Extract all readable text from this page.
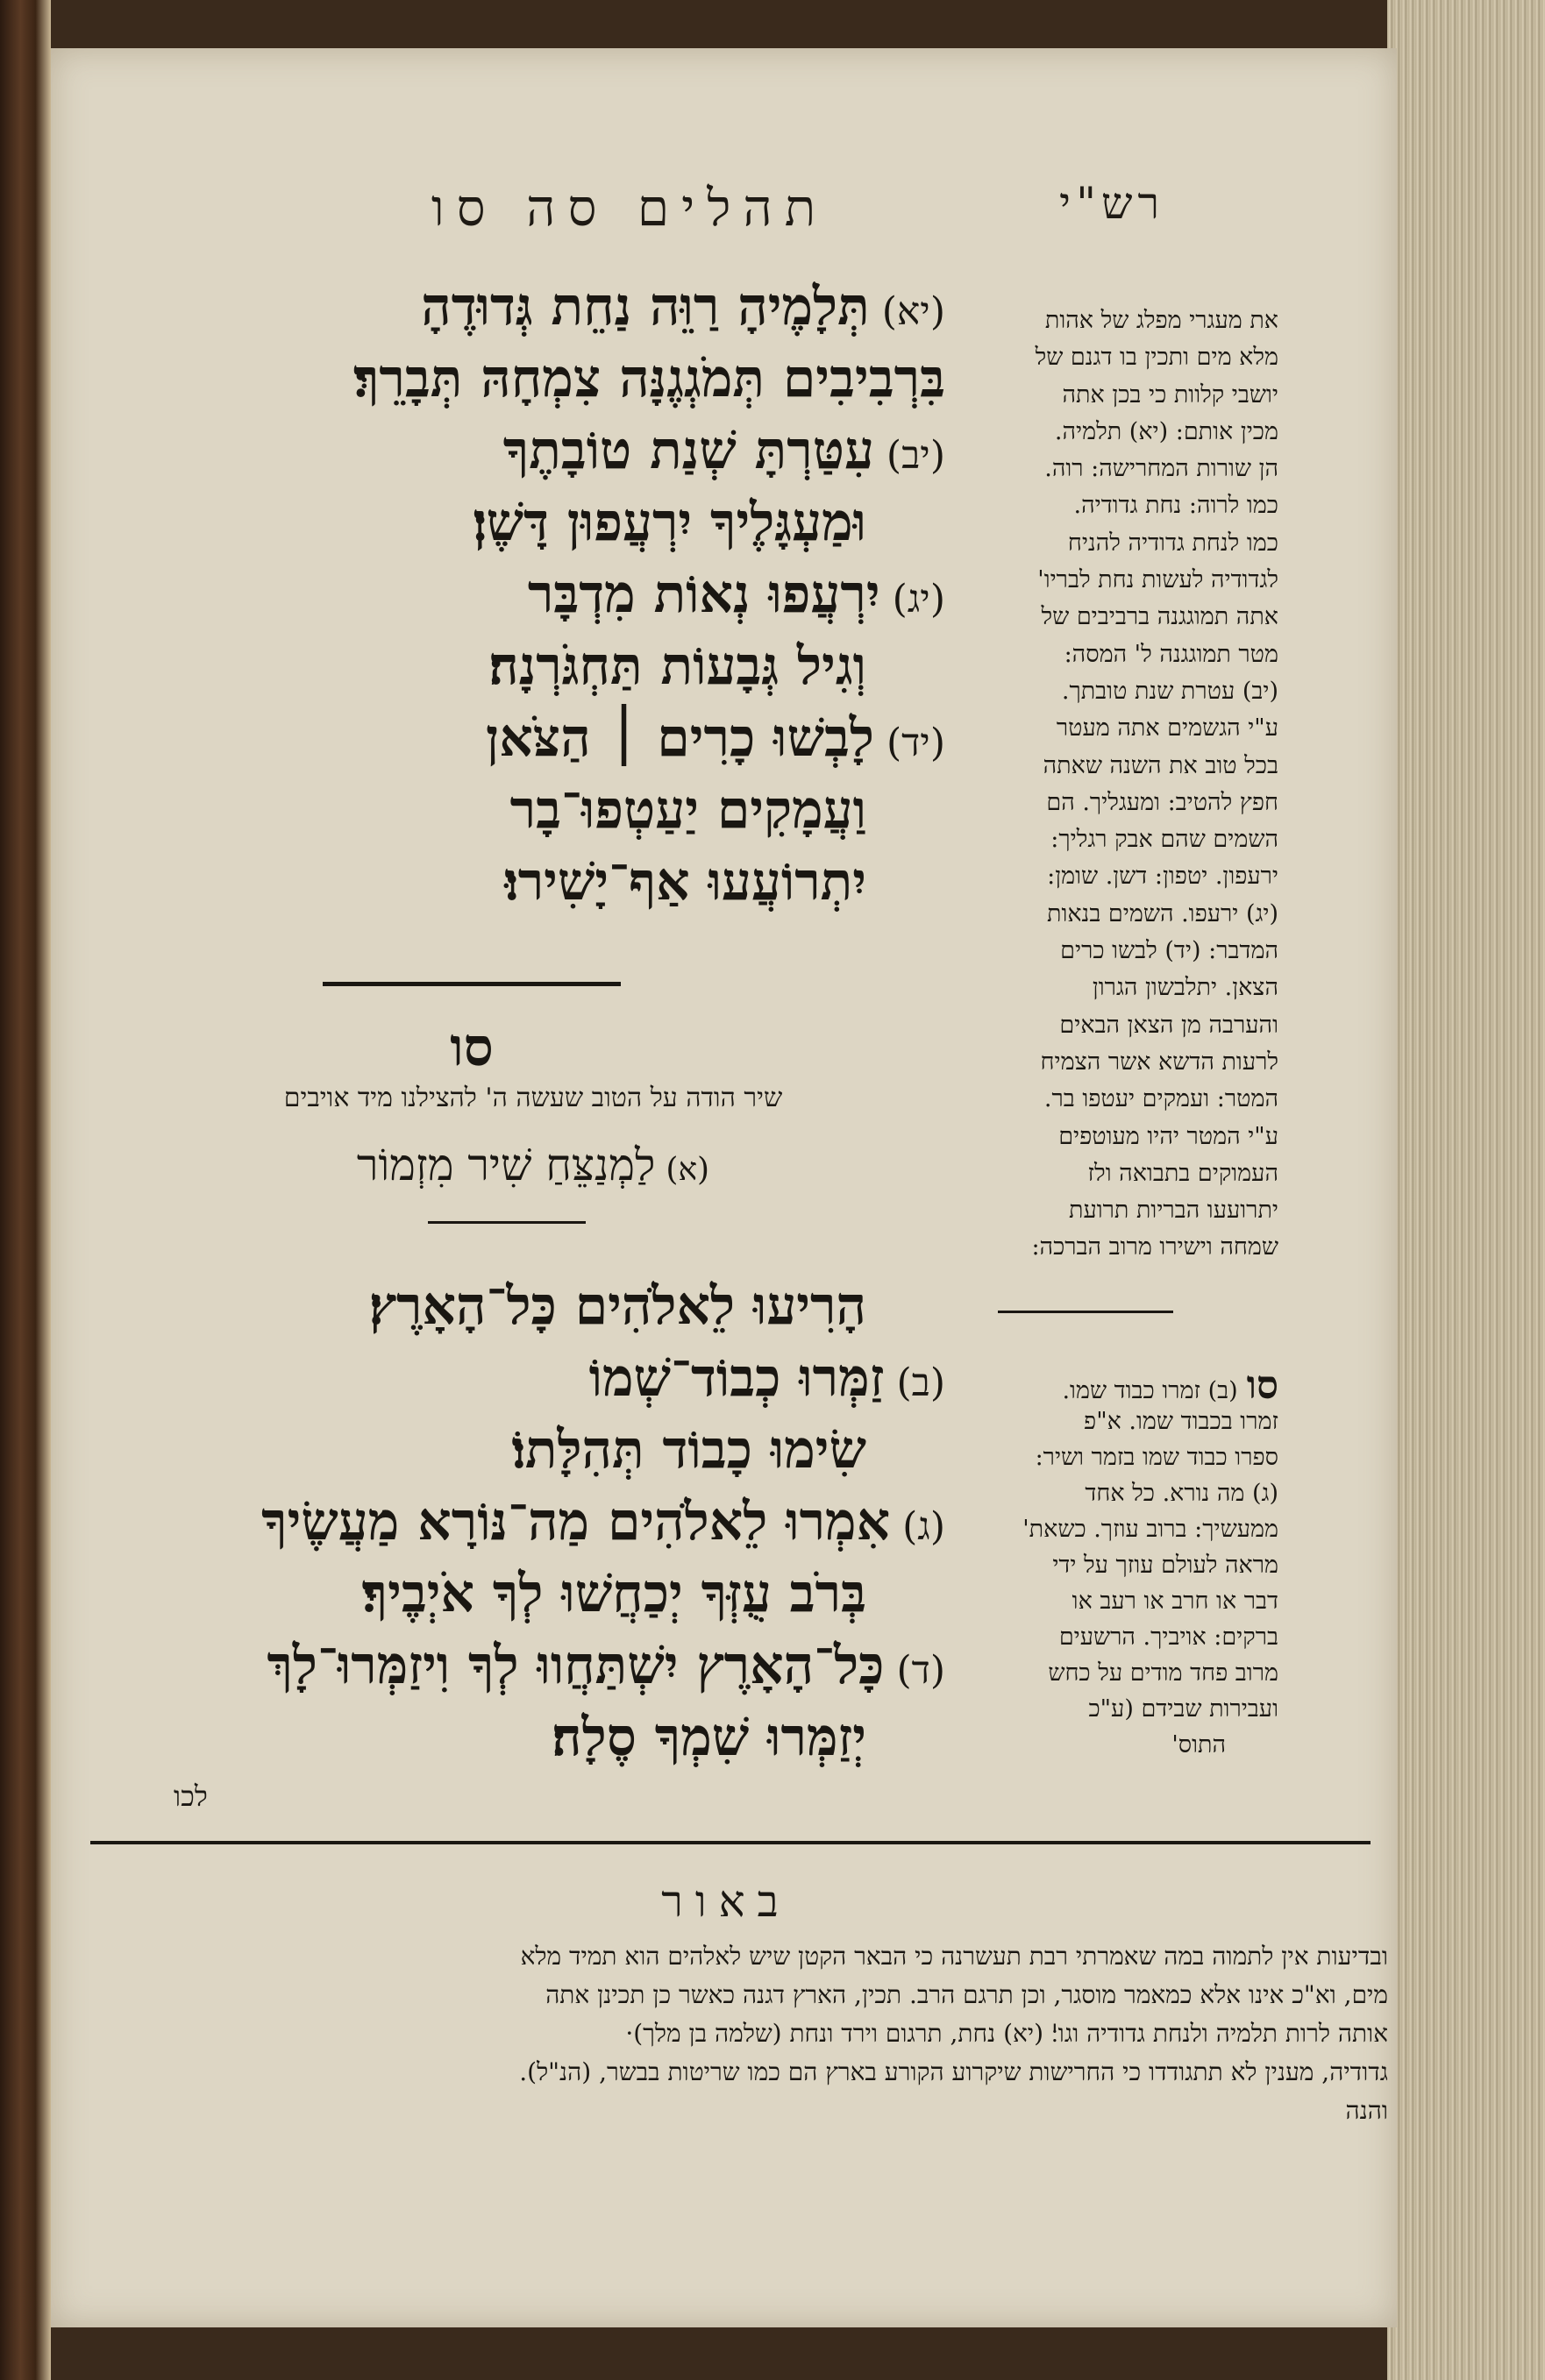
תהלים סה סו	רש"י
(יא)תְּלָמֶיהָ רַוֵּה נַחֵת גְּדוּדֶהָ
בִּרְבִיבִים תְּמֹגְגֶנָּה צִמְחָהּ תְּבָרֵךְ׃
(יב)עִטַּרְתָּ שְׁנַת טוֹבָתֶךָ
וּמַעְגָּלֶיךָ יִרְעֲפוּן דָּשֶׁן׃
(יג)יִרְעֲפוּ נְאוֹת מִדְבָּר
וְגִיל גְּבָעוֹת תַּחְגֹּרְנָה׃
(יד)לָבְשׁוּ כָרִים ׀ הַצֹּאן
וַעֲמָקִים יַעַטְפוּ־בָר
יִתְרוֹעֲעוּ אַף־יָשִׁירוּ׃
הָרִיעוּ לֵאלֹהִים כָּל־הָאָרֶץ׃
(ב)זַמְּרוּ כְבוֹד־שְׁמוֹ
שִׂימוּ כָבוֹד תְּהִלָּתוֹ׃
(ג)אִמְרוּ לֵאלֹהִים מַה־נּוֹרָא מַעֲשֶׂיךָ
בְּרֹב עֻזְּךָ יְכַחֲשׁוּ לְךָ אֹיְבֶיךָ׃
(ד)כָּל־הָאָרֶץ יִשְׁתַּחֲווּ לְךָ וִיזַמְּרוּ־לָךְ
יְזַמְּרוּ שִׁמְךָ סֶלָה׃
סו
שיר הודה על הטוב שעשה ה' להצילנו מיד אויבים
(א)לַמְנַצֵּחַ שִׁיר מִזְמוֹר
לכו
את מעגרי מפלג של אהות
מלא מים ותכין בו דגנם של
יושבי קלוות כי בכן אתה
מכין אותם: (יא) תלמיה.
הן שורות המחרישה: רוה.
כמו לרוה: נחת גדודיה.
כמו לנחת גדודיה להניח
לגדודיה לעשות נחת לבריו'
אתה תמוגגנה ברביבים של
מטר תמוגגנה ל' המסה:
(יב) עטרת שנת טובתך.
ע"י הגשמים אתה מעטר
בכל טוב את השנה שאתה
חפץ להטיב: ומעגליך. הם
השמים שהם אבק רגליך:
ירעפון. יטפון: דשן. שומן:
(יג) ירעפו. השמים בנאות
המדבר: (יד) לבשו כרים
הצאן. יתלבשון הגרון
והערבה מן הצאן הבאים
לרעות הדשא אשר הצמיח
המטר: ועמקים יעטפו בר.
ע"י המטר יהיו מעוטפים
העמוקים בתבואה ולז
יתרועעו הבריות תרועת
שמחה וישירו מרוב הברכה:
סו(ב) זמרו כבוד שמו.
זמרו בכבוד שמו. א"פ
ספרו כבוד שמו בזמר ושיר:
(ג) מה נורא. כל אחד
ממעשיך: ברוב עוזך. כשאת'
מראה לעולם עוזך על ידי
דבר או חרב או רעב או
ברקים: אויביך. הרשעים
מרוב פחד מודים על כחש
ועבירות שבידם (ע"כ
התוס'
באור
ובדיעות אין לתמוה במה שאמרתי רבת תעשרנה כי הבאר הקטן שיש לאלהים הוא תמיד מלא
מים, וא"כ אינו אלא כמאמר מוסגר, וכן תרגם הרב. תכין, הארץ דגנה כאשר כן תכינן אתה
אותה לרות תלמיה ולנחת גדודיה וגו'׃ (יא) נחת, תרגום וירד ונחת (שלמה בן מלך)·
גדודיה, מענין לא תתגודדו כי החרישות שיקרוע הקורע בארץ הם כמו שריטות בבשר, (הנ"ל).
והנה
